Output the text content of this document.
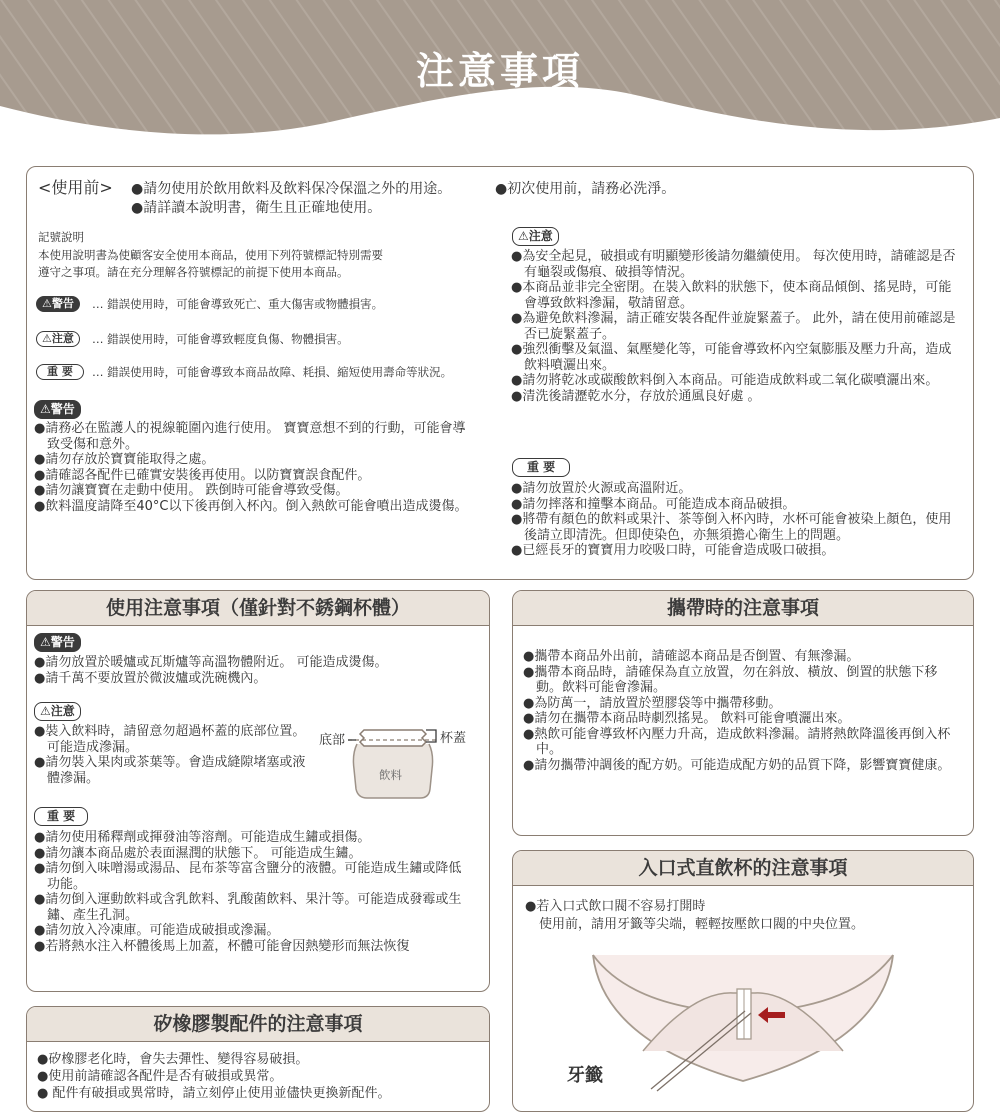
注意事項
<使用前> ●請勿使用於飲用飲料及飲料保冷保溫之外的用途。
●請詳讀本說明書，衛生且正確地使用。
●初次使用前，請務必洗淨。
記號說明
本使用說明書為使顧客安全使用本商品，使用下列符號標記特別需要
遵守之事項。請在充分理解各符號標記的前提下使用本商品。
⚠警告	… 錯誤使用時，可能會導致死亡、重大傷害或物體損害。
⚠注意	… 錯誤使用時，可能會導致輕度負傷、物體損害。
重 要	… 錯誤使用時，可能會導致本商品故障、耗損、縮短使用壽命等狀況。
⚠警告
● 請務必在監護人的視線範圍內進行使用。 寶寶意想不到的行動，可能會導致受傷和意外。
● 請勿存放於寶寶能取得之處。
● 請確認各配件已確實安裝後再使用。以防寶寶誤食配件。
● 請勿讓寶寶在走動中使用。 跌倒時可能會導致受傷。
● 飲料溫度請降至40°C以下後再倒入杯內。倒入熱飲可能會噴出造成燙傷。
⚠注意
● 為安全起見，破損或有明顯變形後請勿繼續使用。 每次使用時，請確認是否有龜裂或傷痕、破損等情況。
● 本商品並非完全密閉。在裝入飲料的狀態下，使本商品傾倒、搖晃時，可能會導致飲料滲漏，敬請留意。
● 為避免飲料滲漏，請正確安裝各配件並旋緊蓋子。 此外，請在使用前確認是否已旋緊蓋子。
● 強烈衝擊及氣溫、氣壓變化等，可能會導致杯內空氣膨脹及壓力升高，造成飲料噴灑出來。
● 請勿將乾冰或碳酸飲料倒入本商品。可能造成飲料或二氧化碳噴灑出來。
● 清洗後請瀝乾水分，存放於通風良好處 。
重 要
● 請勿放置於火源或高溫附近。
● 請勿摔落和撞擊本商品。可能造成本商品破損。
● 將帶有顏色的飲料或果汁、茶等倒入杯內時，水杯可能會被染上顏色，使用後請立即清洗。但即使染色，亦無須擔心衛生上的問題。
● 已經長牙的寶寶用力咬吸口時，可能會造成吸口破損。
使用注意事項（僅針對不銹鋼杯體）
⚠警告
● 請勿放置於暖爐或瓦斯爐等高溫物體附近。 可能造成燙傷。
● 請千萬不要放置於微波爐或洗碗機內。
⚠注意
● 裝入飲料時，請留意勿超過杯蓋的底部位置。可能造成滲漏。
● 請勿裝入果肉或茶葉等。會造成縫隙堵塞或液體滲漏。
底部	杯蓋
飲料
重 要
● 請勿使用稀釋劑或揮發油等溶劑。可能造成生鏽或損傷。
● 請勿讓本商品處於表面濕潤的狀態下。 可能造成生鏽。
● 請勿倒入味噌湯或湯品、昆布茶等富含鹽分的液體。可能造成生鏽或降低功能。
● 請勿倒入運動飲料或含乳飲料、乳酸菌飲料、果汁等。可能造成發霉或生鏽、產生孔洞。
● 請勿放入冷凍庫。可能造成破損或滲漏。
● 若將熱水注入杯體後馬上加蓋，杯體可能會因熱變形而無法恢復
矽橡膠製配件的注意事項
● 矽橡膠老化時，會失去彈性、變得容易破損。
● 使用前請確認各配件是否有破損或異常。
● 配件有破損或異常時，請立刻停止使用並儘快更換新配件。
攜帶時的注意事項
● 攜帶本商品外出前，請確認本商品是否倒置、有無滲漏。
● 攜帶本商品時，請確保為直立放置，勿在斜放、橫放、倒置的狀態下移動。飲料可能會滲漏。
● 為防萬一，請放置於塑膠袋等中攜帶移動。
● 請勿在攜帶本商品時劇烈搖晃。 飲料可能會噴灑出來。
● 熱飲可能會導致杯內壓力升高，造成飲料滲漏。請將熱飲降溫後再倒入杯中。
● 請勿攜帶沖調後的配方奶。可能造成配方奶的品質下降，影響寶寶健康。
入口式直飲杯的注意事項
●若入口式飲口閥不容易打開時
使用前，請用牙籤等尖端，輕輕按壓飲口閥的中央位置。
牙籤
